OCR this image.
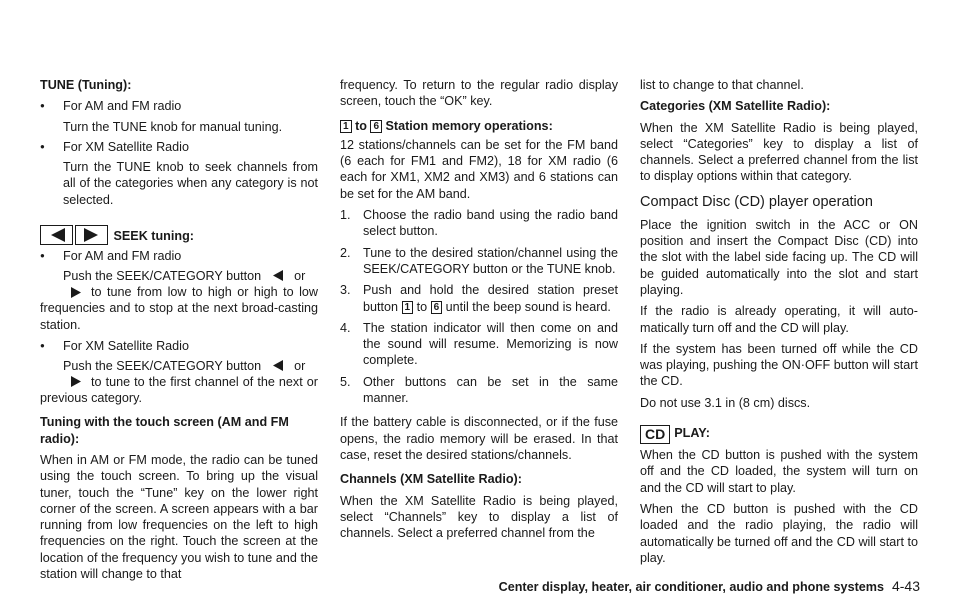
TUNE (Tuning):
● For AM and FM radio
Turn the TUNE knob for manual tuning.
● For XM Satellite Radio
Turn the TUNE knob to seek channels from all of the categories when any category is not selected.
SEEK tuning:
● For AM and FM radio
Push the SEEK/CATEGORY button	or

to tune from low to high or high to low frequencies and to stop at the next broad-casting station.

● For XM Satellite Radio
Push the SEEK/CATEGORY button	or

to tune to the first channel of the next or previous category.

Tuning with the touch screen (AM and FM radio):

When in AM or FM mode, the radio can be tuned using the touch screen. To bring up the visual tuner, touch the “Tune” key on the lower right corner of the screen. A screen appears with a bar running from low frequencies on the left to high frequencies on the right. Touch the screen at the location of the frequency you wish to tune and the station will change to that

frequency. To return to the regular radio display screen, touch the “OK” key.

1 to 6 Station memory operations:

12 stations/channels can be set for the FM band (6 each for FM1 and FM2), 18 for XM radio (6 each for XM1, XM2 and XM3) and 6 stations can be set for the AM band.

1. Choose the radio band using the radio band select button.
2. Tune to the desired station/channel using the SEEK/CATEGORY button or the TUNE knob.
3. Push and hold the desired station preset button 1 to 6 until the beep sound is heard.
4. The station indicator will then come on and the sound will resume. Memorizing is now complete.
5. Other buttons can be set in the same manner.

If the battery cable is disconnected, or if the fuse opens, the radio memory will be erased. In that case, reset the desired stations/channels.

Channels (XM Satellite Radio):

When the XM Satellite Radio is being played, select “Channels” key to display a list of channels. Select a preferred channel from the

list to change to that channel.

Categories (XM Satellite Radio):

When the XM Satellite Radio is being played, select “Categories” key to display a list of channels. Select a preferred channel from the list to display options within that category.

Compact Disc (CD) player operation

Place the ignition switch in the ACC or ON position and insert the Compact Disc (CD) into the slot with the label side facing up. The CD will be guided automatically into the slot and start playing.

If the radio is already operating, it will auto-matically turn off and the CD will play.

If the system has been turned off while the CD was playing, pushing the ON·OFF button will start the CD.

Do not use 3.1 in (8 cm) discs.

CD PLAY:

When the CD button is pushed with the system off and the CD loaded, the system will turn on and the CD will start to play.

When the CD button is pushed with the CD loaded and the radio playing, the radio will automatically be turned off and the CD will start to play.

Center display, heater, air conditioner, audio and phone systems 4-43
